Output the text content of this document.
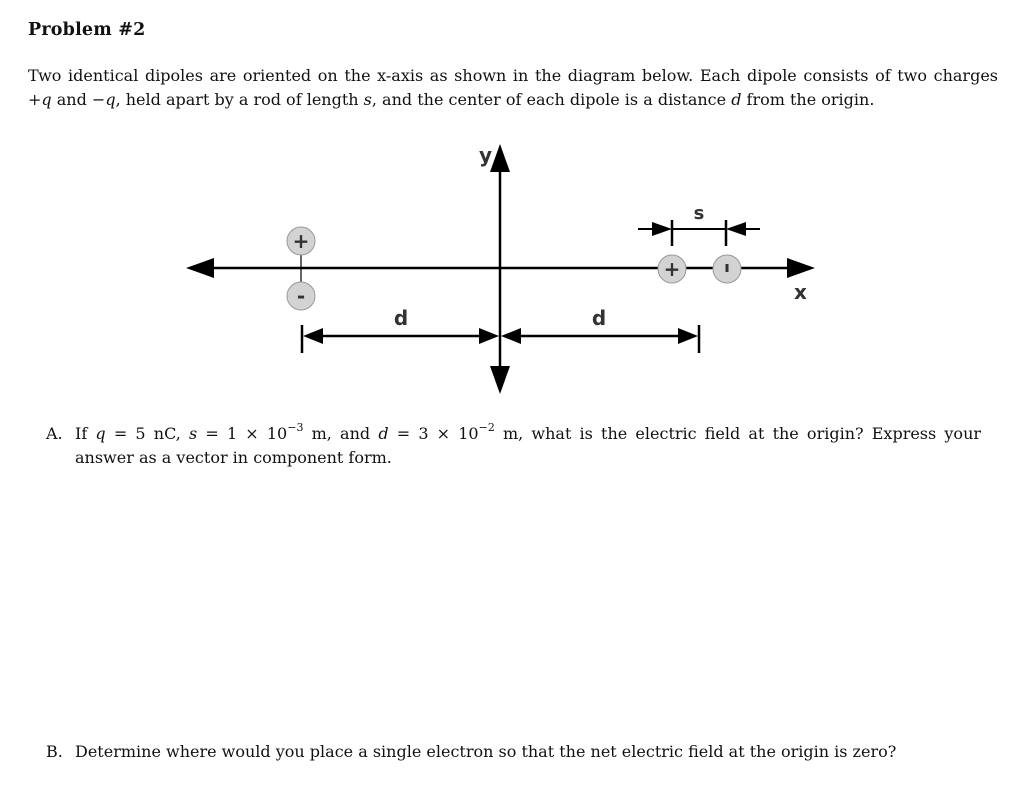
Problem #2
Two identical dipoles are oriented on the x-axis as shown in the diagram below. Each dipole consists of two charges
+q and −q, held apart by a rod of length s, and the center of each dipole is a distance d from the origin.
y
x
+
-
+
s
d	d
A. If q = 5 nC, $s = 1 \times 10^{-3}$ m, and $d = 3 \times 10^{-2}$ m, what is the electric field at the origin? Express your
answer as a vector in component form.
B. Determine where would you place a single electron so that the net electric field at the origin is zero?
